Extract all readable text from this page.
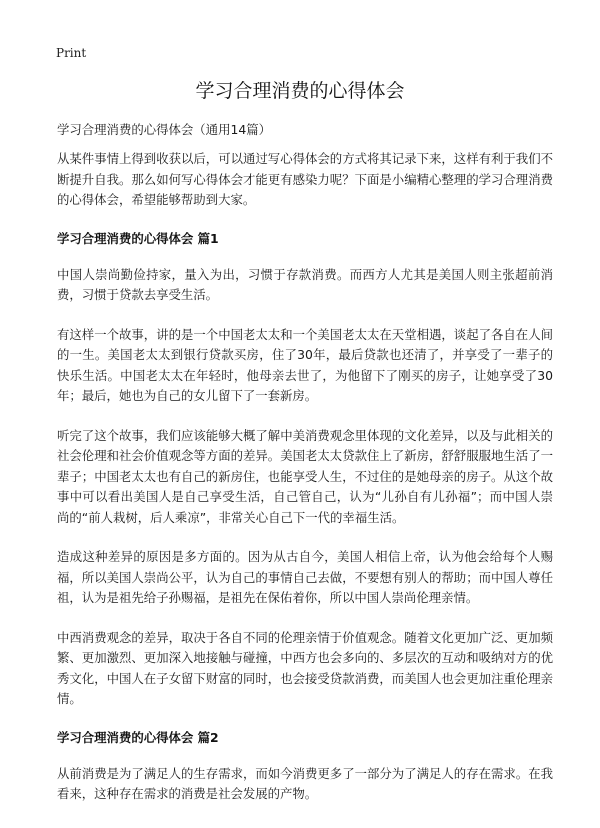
Print
学习合理消费的心得体会

学习合理消费的心得体会（通用14篇）

从某件事情上得到收获以后，可以通过写心得体会的方式将其记录下来，这样有利于我们不断提升自我。那么如何写心得体会才能更有感染力呢？下面是小编精心整理的学习合理消费的心得体会，希望能够帮助到大家。

学习合理消费的心得体会 篇1

中国人崇尚勤俭持家，量入为出，习惯于存款消费。而西方人尤其是美国人则主张超前消费，习惯于贷款去享受生活。

有这样一个故事，讲的是一个中国老太太和一个美国老太太在天堂相遇，谈起了各自在人间的一生。美国老太太到银行贷款买房，住了30年，最后贷款也还清了，并享受了一辈子的快乐生活。中国老太太在年轻时，他母亲去世了，为他留下了刚买的房子，让她享受了30年；最后，她也为自己的女儿留下了一套新房。

听完了这个故事，我们应该能够大概了解中美消费观念里体现的文化差异，以及与此相关的社会伦理和社会价值观念等方面的差异。美国老太太贷款住上了新房，舒舒服服地生活了一辈子；中国老太太也有自己的新房住，也能享受人生，不过住的是她母亲的房子。从这个故事中可以看出美国人是自己享受生活，自己管自己，认为“儿孙自有儿孙福”；而中国人崇尚的“前人栽树，后人乘凉”，非常关心自己下一代的幸福生活。

造成这种差异的原因是多方面的。因为从古自今，美国人相信上帝，认为他会给每个人赐福，所以美国人崇尚公平，认为自己的事情自己去做，不要想有别人的帮助；而中国人尊任祖，认为是祖先给子孙赐福，是祖先在保佑着你，所以中国人崇尚伦理亲情。

中西消费观念的差异，取决于各自不同的伦理亲情于价值观念。随着文化更加广泛、更加频繁、更加激烈、更加深入地接触与碰撞，中西方也会多向的、多层次的互动和吸纳对方的优秀文化，中国人在子女留下财富的同时，也会接受贷款消费，而美国人也会更加注重伦理亲情。

学习合理消费的心得体会 篇2

从前消费是为了满足人的生存需求，而如今消费更多了一部分为了满足人的存在需求。在我看来，这种存在需求的消费是社会发展的产物。
